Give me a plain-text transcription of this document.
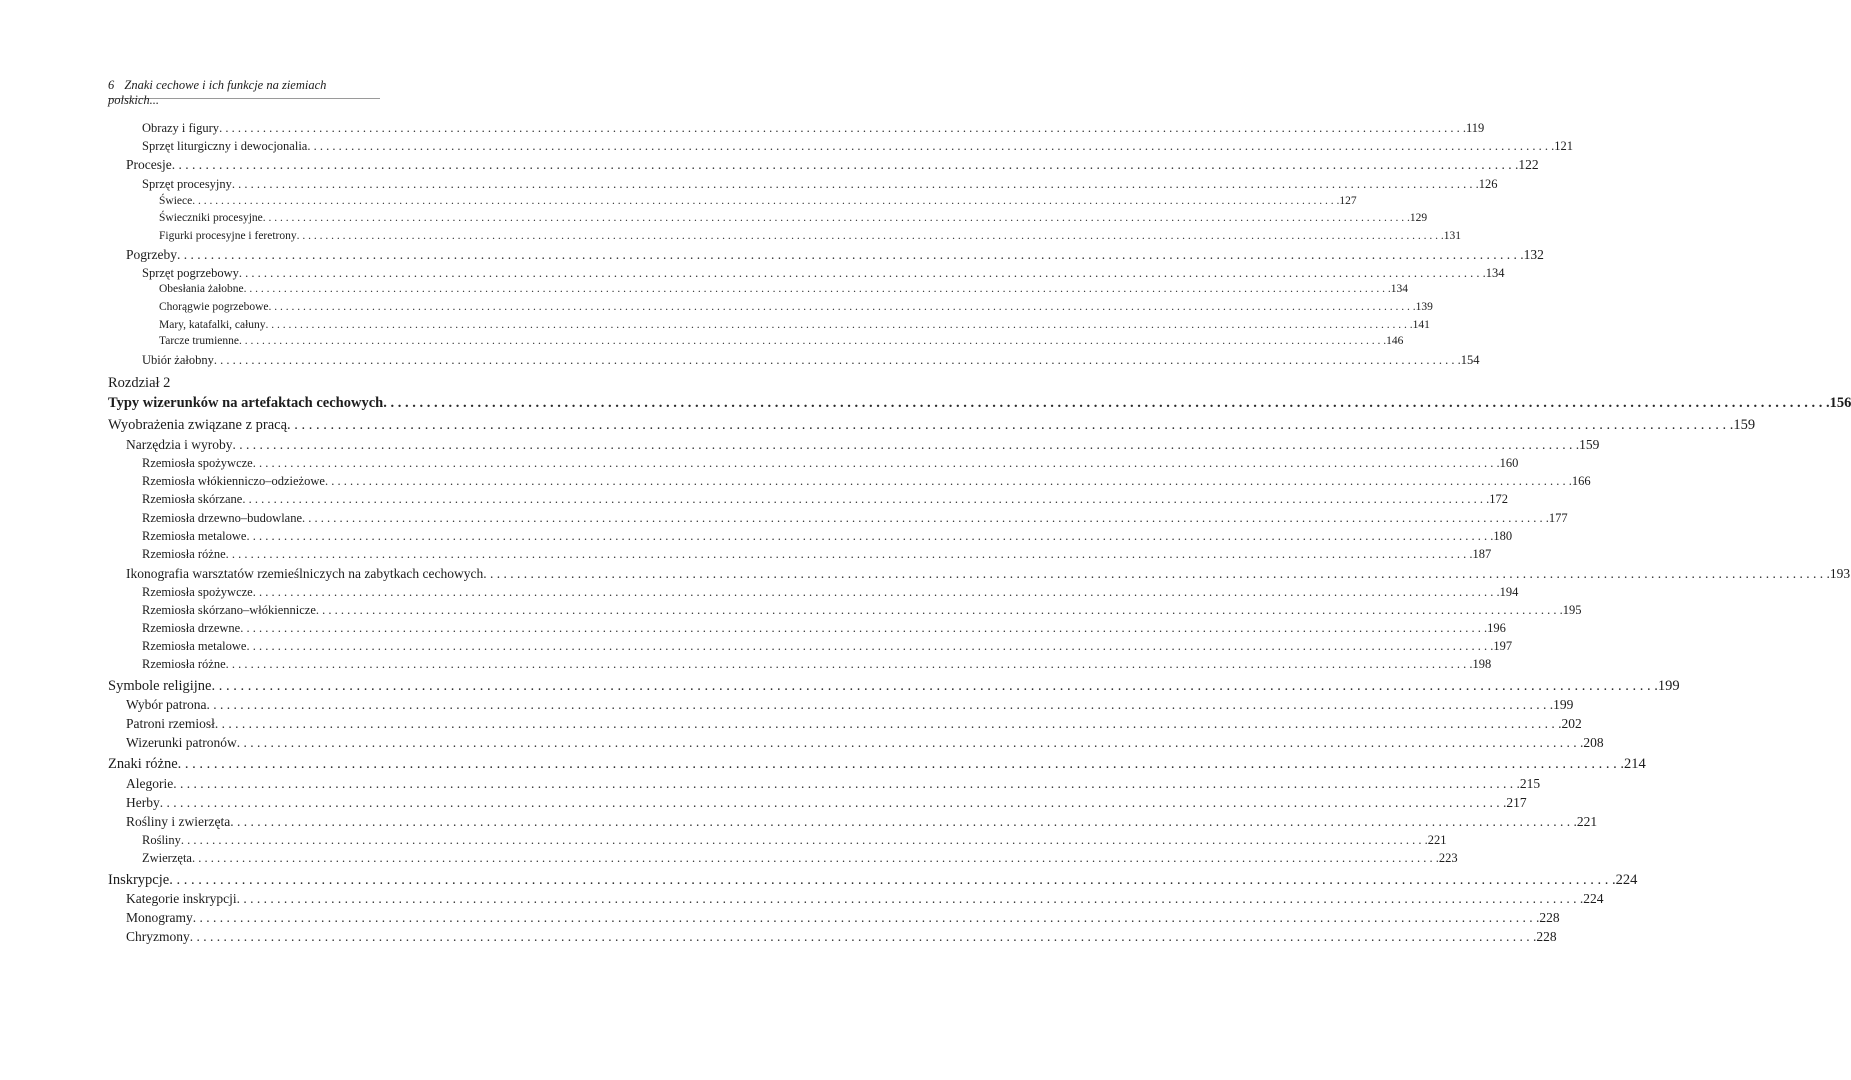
6 Znaki cechowe i ich funkcje na ziemiach polskich...
Rozdział 2
Obrazy i figury . . . . . . . . . . . . . . . . . . . . . . . . . . . . . . . . . . . . . . . . . . . . . . . . . . . . . . . . . . . . . . . . . . . . . . . . . . . . . . . . . . . . . . . . . . . . . . . . . . . . . . . . . . . . . . . . . . . . . . . . . . . . . . . . . . . . . . . . . . . . . . . . . . . . . . . . . . . . . . . . . . . . . . . . . . . . . . . . . . . . . . . . . . . . . . . . . . . . . . . . 119
Sprzęt liturgiczny i dewocjonalia . . . . . . . . . . . . . . . . . . . . . . . . . . . . . . . . . . . . . . . . . . . . . . . . . . . . . . . . . . . . . . . . . . . . . . . . . . . . . . . . . . . . . . . . . . . . . . . . . . . . . . . . . . . . . . . . . . . . . . . . . . . . . . . . . . . . . . . . . . . . . . . . . . . . . . . . . . . . . . . . . . . . . . . . . . . . . . . . . . . . . . . . . . . . . . . . . . . . . . . . 121
Procesje . . . . . . . . . . . . . . . . . . . . . . . . . . . . . . . . . . . . . . . . . . . . . . . . . . . . . . . . . . . . . . . . . . . . . . . . . . . . . . . . . . . . . . . . . . . . . . . . . . . . . . . . . . . . . . . . . . . . . . . . . . . . . . . . . . . . . . . . . . . . . . . . . . . . . . . . . . . . . . . . . . . . . . . . . . . . . . . . . . . . . . . . . . . . . . . . . . . . . . . . 122
Sprzęt procesyjny . . . . . . . . . . . . . . . . . . . . . . . . . . . . . . . . . . . . . . . . . . . . . . . . . . . . . . . . . . . . . . . . . . . . . . . . . . . . . . . . . . . . . . . . . . . . . . . . . . . . . . . . . . . . . . . . . . . . . . . . . . . . . . . . . . . . . . . . . . . . . . . . . . . . . . . . . . . . . . . . . . . . . . . . . . . . . . . . . . . . . . . . . . . . . . . . . . . . . . . . 126
Świece . . . . . . . . . . . . . . . . . . . . . . . . . . . . . . . . . . . . . . . . . . . . . . . . . . . . . . . . . . . . . . . . . . . . . . . . . . . . . . . . . . . . . . . . . . . . . . . . . . . . . . . . . . . . . . . . . . . . . . . . . . . . . . . . . . . . . . . . . . . . . . . . . . . . . . . . . . . . . . . . . . . . . . . . . . . . . . . . . . . . . . . . . . . . . . . . . . . . . . . . 127
Świeczniki procesyjne . . . . . . . . . . . . . . . . . . . . . . . . . . . . . . . . . . . . . . . . . . . . . . . . . . . . . . . . . . . . . . . . . . . . . . . . . . . . . . . . . . . . . . . . . . . . . . . . . . . . . . . . . . . . . . . . . . . . . . . . . . . . . . . . . . . . . . . . . . . . . . . . . . . . . . . . . . . . . . . . . . . . . . . . . . . . . . . . . . . . . . . . . . . . . . . . . . . . . . . . 129
Figurki procesyjne i feretrony . . . . . . . . . . . . . . . . . . . . . . . . . . . . . . . . . . . . . . . . . . . . . . . . . . . . . . . . . . . . . . . . . . . . . . . . . . . . . . . . . . . . . . . . . . . . . . . . . . . . . . . . . . . . . . . . . . . . . . . . . . . . . . . . . . . . . . . . . . . . . . . . . . . . . . . . . . . . . . . . . . . . . . . . . . . . . . . . . . . . . . . . . . . . . . . . . . . . . . . . 131
Pogrzeby . . . . . . . . . . . . . . . . . . . . . . . . . . . . . . . . . . . . . . . . . . . . . . . . . . . . . . . . . . . . . . . . . . . . . . . . . . . . . . . . . . . . . . . . . . . . . . . . . . . . . . . . . . . . . . . . . . . . . . . . . . . . . . . . . . . . . . . . . . . . . . . . . . . . . . . . . . . . . . . . . . . . . . . . . . . . . . . . . . . . . . . . . . . . . . . . . . . . . . . . 132
Sprzęt pogrzebowy . . . . . . . . . . . . . . . . . . . . . . . . . . . . . . . . . . . . . . . . . . . . . . . . . . . . . . . . . . . . . . . . . . . . . . . . . . . . . . . . . . . . . . . . . . . . . . . . . . . . . . . . . . . . . . . . . . . . . . . . . . . . . . . . . . . . . . . . . . . . . . . . . . . . . . . . . . . . . . . . . . . . . . . . . . . . . . . . . . . . . . . . . . . . . . . . . . . . . . . . 134
Obesłania żałobne . . . . . . . . . . . . . . . . . . . . . . . . . . . . . . . . . . . . . . . . . . . . . . . . . . . . . . . . . . . . . . . . . . . . . . . . . . . . . . . . . . . . . . . . . . . . . . . . . . . . . . . . . . . . . . . . . . . . . . . . . . . . . . . . . . . . . . . . . . . . . . . . . . . . . . . . . . . . . . . . . . . . . . . . . . . . . . . . . . . . . . . . . . . . . . . . . . . . . . . . 134
Chorągwie pogrzebowe . . . . . . . . . . . . . . . . . . . . . . . . . . . . . . . . . . . . . . . . . . . . . . . . . . . . . . . . . . . . . . . . . . . . . . . . . . . . . . . . . . . . . . . . . . . . . . . . . . . . . . . . . . . . . . . . . . . . . . . . . . . . . . . . . . . . . . . . . . . . . . . . . . . . . . . . . . . . . . . . . . . . . . . . . . . . . . . . . . . . . . . . . . . . . . . . . . . . . . . . 139
Mary, katafalki, całuny . . . . . . . . . . . . . . . . . . . . . . . . . . . . . . . . . . . . . . . . . . . . . . . . . . . . . . . . . . . . . . . . . . . . . . . . . . . . . . . . . . . . . . . . . . . . . . . . . . . . . . . . . . . . . . . . . . . . . . . . . . . . . . . . . . . . . . . . . . . . . . . . . . . . . . . . . . . . . . . . . . . . . . . . . . . . . . . . . . . . . . . . . . . . . . . . . . . . . . . . 141
Tarcze trumienne . . . . . . . . . . . . . . . . . . . . . . . . . . . . . . . . . . . . . . . . . . . . . . . . . . . . . . . . . . . . . . . . . . . . . . . . . . . . . . . . . . . . . . . . . . . . . . . . . . . . . . . . . . . . . . . . . . . . . . . . . . . . . . . . . . . . . . . . . . . . . . . . . . . . . . . . . . . . . . . . . . . . . . . . . . . . . . . . . . . . . . . . . . . . . . . . . . . . . . . . 146
Ubiór żałobny . . . . . . . . . . . . . . . . . . . . . . . . . . . . . . . . . . . . . . . . . . . . . . . . . . . . . . . . . . . . . . . . . . . . . . . . . . . . . . . . . . . . . . . . . . . . . . . . . . . . . . . . . . . . . . . . . . . . . . . . . . . . . . . . . . . . . . . . . . . . . . . . . . . . . . . . . . . . . . . . . . . . . . . . . . . . . . . . . . . . . . . . . . . . . . . . . . . . . . . . 154
Typy wizerunków na artefaktach cechowych . . . . . . . . . . . . . . . . . . . . . . . . . . . . . . . . . . . . . . . . . . . . . . . . . . . . . . . . . . . . . . . . . . . . . . . . . . . . . . . . . . . . . . . . . . . . . . . . . . . . . . . . . . . . . . . . . . . . . . . . . . . . . . . . . . . . . . . . . . . . . . . . . . . . . . . . . . . . . . . . . . . . . . . . . . . . . . . . . . . . . . . . . . . . . . . . . . . . . . . . 156
Wyobrażenia związane z pracą . . . . . . . . . . . . . . . . . . . . . . . . . . . . . . . . . . . . . . . . . . . . . . . . . . . . . . . . . . . . . . . . . . . . . . . . . . . . . . . . . . . . . . . . . . . . . . . . . . . . . . . . . . . . . . . . . . . . . . . . . . . . . . . . . . . . . . . . . . . . . . . . . . . . . . . . . . . . . . . . . . . . . . . . . . . . . . . . . . . . . . . . . . . . . . . . . . . . . . . . 159
Narzędzia i wyroby . . . . . . . . . . . . . . . . . . . . . . . . . . . . . . . . . . . . . . . . . . . . . . . . . . . . . . . . . . . . . . . . . . . . . . . . . . . . . . . . . . . . . . . . . . . . . . . . . . . . . . . . . . . . . . . . . . . . . . . . . . . . . . . . . . . . . . . . . . . . . . . . . . . . . . . . . . . . . . . . . . . . . . . . . . . . . . . . . . . . . . . . . . . . . . . . . . . . . . . . 159
Rzemiosła spożywcze . . . . . . . . . . . . . . . . . . . . . . . . . . . . . . . . . . . . . . . . . . . . . . . . . . . . . . . . . . . . . . . . . . . . . . . . . . . . . . . . . . . . . . . . . . . . . . . . . . . . . . . . . . . . . . . . . . . . . . . . . . . . . . . . . . . . . . . . . . . . . . . . . . . . . . . . . . . . . . . . . . . . . . . . . . . . . . . . . . . . . . . . . . . . . . . . . . . . . . . . 160
Rzemiosła włókienniczo–odzieżowe . . . . . . . . . . . . . . . . . . . . . . . . . . . . . . . . . . . . . . . . . . . . . . . . . . . . . . . . . . . . . . . . . . . . . . . . . . . . . . . . . . . . . . . . . . . . . . . . . . . . . . . . . . . . . . . . . . . . . . . . . . . . . . . . . . . . . . . . . . . . . . . . . . . . . . . . . . . . . . . . . . . . . . . . . . . . . . . . . . . . . . . . . . . . . . . . . . . . . . . . 166
Rzemiosła skórzane . . . . . . . . . . . . . . . . . . . . . . . . . . . . . . . . . . . . . . . . . . . . . . . . . . . . . . . . . . . . . . . . . . . . . . . . . . . . . . . . . . . . . . . . . . . . . . . . . . . . . . . . . . . . . . . . . . . . . . . . . . . . . . . . . . . . . . . . . . . . . . . . . . . . . . . . . . . . . . . . . . . . . . . . . . . . . . . . . . . . . . . . . . . . . . . . . . . . . . . . 172
Rzemiosła drzewno–budowlane . . . . . . . . . . . . . . . . . . . . . . . . . . . . . . . . . . . . . . . . . . . . . . . . . . . . . . . . . . . . . . . . . . . . . . . . . . . . . . . . . . . . . . . . . . . . . . . . . . . . . . . . . . . . . . . . . . . . . . . . . . . . . . . . . . . . . . . . . . . . . . . . . . . . . . . . . . . . . . . . . . . . . . . . . . . . . . . . . . . . . . . . . . . . . . . . . . . . . . . . 177
Rzemiosła metalowe . . . . . . . . . . . . . . . . . . . . . . . . . . . . . . . . . . . . . . . . . . . . . . . . . . . . . . . . . . . . . . . . . . . . . . . . . . . . . . . . . . . . . . . . . . . . . . . . . . . . . . . . . . . . . . . . . . . . . . . . . . . . . . . . . . . . . . . . . . . . . . . . . . . . . . . . . . . . . . . . . . . . . . . . . . . . . . . . . . . . . . . . . . . . . . . . . . . . . . . . 180
Rzemiosła różne . . . . . . . . . . . . . . . . . . . . . . . . . . . . . . . . . . . . . . . . . . . . . . . . . . . . . . . . . . . . . . . . . . . . . . . . . . . . . . . . . . . . . . . . . . . . . . . . . . . . . . . . . . . . . . . . . . . . . . . . . . . . . . . . . . . . . . . . . . . . . . . . . . . . . . . . . . . . . . . . . . . . . . . . . . . . . . . . . . . . . . . . . . . . . . . . . . . . . . . . 187
Ikonografia warsztatów rzemieślniczych na zabytkach cechowych . . . . . . . . . . . . . . . . . . . . . . . . . . . . . . . . . . . . . . . . . . . . . . . . . . . . . . . . . . . . . . . . . . . . . . . . . . . . . . . . . . . . . . . . . . . . . . . . . . . . . . . . . . . . . . . . . . . . . . . . . . . . . . . . . . . . . . . . . . . . . . . . . . . . . . . . . . . . . . . . . . . . . . . . . . . . . . . . . . . . . . . . . . . . . . . . . . . . . . . . 193
Rzemiosła spożywcze . . . . . . . . . . . . . . . . . . . . . . . . . . . . . . . . . . . . . . . . . . . . . . . . . . . . . . . . . . . . . . . . . . . . . . . . . . . . . . . . . . . . . . . . . . . . . . . . . . . . . . . . . . . . . . . . . . . . . . . . . . . . . . . . . . . . . . . . . . . . . . . . . . . . . . . . . . . . . . . . . . . . . . . . . . . . . . . . . . . . . . . . . . . . . . . . . . . . . . . . 194
Rzemiosła skórzano–włókiennicze . . . . . . . . . . . . . . . . . . . . . . . . . . . . . . . . . . . . . . . . . . . . . . . . . . . . . . . . . . . . . . . . . . . . . . . . . . . . . . . . . . . . . . . . . . . . . . . . . . . . . . . . . . . . . . . . . . . . . . . . . . . . . . . . . . . . . . . . . . . . . . . . . . . . . . . . . . . . . . . . . . . . . . . . . . . . . . . . . . . . . . . . . . . . . . . . . . . . . . . . 195
Rzemiosła drzewne . . . . . . . . . . . . . . . . . . . . . . . . . . . . . . . . . . . . . . . . . . . . . . . . . . . . . . . . . . . . . . . . . . . . . . . . . . . . . . . . . . . . . . . . . . . . . . . . . . . . . . . . . . . . . . . . . . . . . . . . . . . . . . . . . . . . . . . . . . . . . . . . . . . . . . . . . . . . . . . . . . . . . . . . . . . . . . . . . . . . . . . . . . . . . . . . . . . . . . . . 196
Rzemiosła metalowe . . . . . . . . . . . . . . . . . . . . . . . . . . . . . . . . . . . . . . . . . . . . . . . . . . . . . . . . . . . . . . . . . . . . . . . . . . . . . . . . . . . . . . . . . . . . . . . . . . . . . . . . . . . . . . . . . . . . . . . . . . . . . . . . . . . . . . . . . . . . . . . . . . . . . . . . . . . . . . . . . . . . . . . . . . . . . . . . . . . . . . . . . . . . . . . . . . . . . . . . 197
Rzemiosła różne . . . . . . . . . . . . . . . . . . . . . . . . . . . . . . . . . . . . . . . . . . . . . . . . . . . . . . . . . . . . . . . . . . . . . . . . . . . . . . . . . . . . . . . . . . . . . . . . . . . . . . . . . . . . . . . . . . . . . . . . . . . . . . . . . . . . . . . . . . . . . . . . . . . . . . . . . . . . . . . . . . . . . . . . . . . . . . . . . . . . . . . . . . . . . . . . . . . . . . . . 198
Symbole religijne . . . . . . . . . . . . . . . . . . . . . . . . . . . . . . . . . . . . . . . . . . . . . . . . . . . . . . . . . . . . . . . . . . . . . . . . . . . . . . . . . . . . . . . . . . . . . . . . . . . . . . . . . . . . . . . . . . . . . . . . . . . . . . . . . . . . . . . . . . . . . . . . . . . . . . . . . . . . . . . . . . . . . . . . . . . . . . . . . . . . . . . . . . . . . . . . . . . . . . . . 199
Wybór patrona . . . . . . . . . . . . . . . . . . . . . . . . . . . . . . . . . . . . . . . . . . . . . . . . . . . . . . . . . . . . . . . . . . . . . . . . . . . . . . . . . . . . . . . . . . . . . . . . . . . . . . . . . . . . . . . . . . . . . . . . . . . . . . . . . . . . . . . . . . . . . . . . . . . . . . . . . . . . . . . . . . . . . . . . . . . . . . . . . . . . . . . . . . . . . . . . . . . . . . . . 199
Patroni rzemiosł . . . . . . . . . . . . . . . . . . . . . . . . . . . . . . . . . . . . . . . . . . . . . . . . . . . . . . . . . . . . . . . . . . . . . . . . . . . . . . . . . . . . . . . . . . . . . . . . . . . . . . . . . . . . . . . . . . . . . . . . . . . . . . . . . . . . . . . . . . . . . . . . . . . . . . . . . . . . . . . . . . . . . . . . . . . . . . . . . . . . . . . . . . . . . . . . . . . . . . . . 202
Wizerunki patronów . . . . . . . . . . . . . . . . . . . . . . . . . . . . . . . . . . . . . . . . . . . . . . . . . . . . . . . . . . . . . . . . . . . . . . . . . . . . . . . . . . . . . . . . . . . . . . . . . . . . . . . . . . . . . . . . . . . . . . . . . . . . . . . . . . . . . . . . . . . . . . . . . . . . . . . . . . . . . . . . . . . . . . . . . . . . . . . . . . . . . . . . . . . . . . . . . . . . . . . . 208
Znaki różne . . . . . . . . . . . . . . . . . . . . . . . . . . . . . . . . . . . . . . . . . . . . . . . . . . . . . . . . . . . . . . . . . . . . . . . . . . . . . . . . . . . . . . . . . . . . . . . . . . . . . . . . . . . . . . . . . . . . . . . . . . . . . . . . . . . . . . . . . . . . . . . . . . . . . . . . . . . . . . . . . . . . . . . . . . . . . . . . . . . . . . . . . . . . . . . . . . . . . . . . 214
Alegorie . . . . . . . . . . . . . . . . . . . . . . . . . . . . . . . . . . . . . . . . . . . . . . . . . . . . . . . . . . . . . . . . . . . . . . . . . . . . . . . . . . . . . . . . . . . . . . . . . . . . . . . . . . . . . . . . . . . . . . . . . . . . . . . . . . . . . . . . . . . . . . . . . . . . . . . . . . . . . . . . . . . . . . . . . . . . . . . . . . . . . . . . . . . . . . . . . . . . . . . . 215
Herby . . . . . . . . . . . . . . . . . . . . . . . . . . . . . . . . . . . . . . . . . . . . . . . . . . . . . . . . . . . . . . . . . . . . . . . . . . . . . . . . . . . . . . . . . . . . . . . . . . . . . . . . . . . . . . . . . . . . . . . . . . . . . . . . . . . . . . . . . . . . . . . . . . . . . . . . . . . . . . . . . . . . . . . . . . . . . . . . . . . . . . . . . . . . . . . . . . . . . . . . 217
Rośliny i zwierzęta . . . . . . . . . . . . . . . . . . . . . . . . . . . . . . . . . . . . . . . . . . . . . . . . . . . . . . . . . . . . . . . . . . . . . . . . . . . . . . . . . . . . . . . . . . . . . . . . . . . . . . . . . . . . . . . . . . . . . . . . . . . . . . . . . . . . . . . . . . . . . . . . . . . . . . . . . . . . . . . . . . . . . . . . . . . . . . . . . . . . . . . . . . . . . . . . . . . . . . . . 221
Rośliny . . . . . . . . . . . . . . . . . . . . . . . . . . . . . . . . . . . . . . . . . . . . . . . . . . . . . . . . . . . . . . . . . . . . . . . . . . . . . . . . . . . . . . . . . . . . . . . . . . . . . . . . . . . . . . . . . . . . . . . . . . . . . . . . . . . . . . . . . . . . . . . . . . . . . . . . . . . . . . . . . . . . . . . . . . . . . . . . . . . . . . . . . . . . . . . . . . . . . . . . 221
Zwierzęta . . . . . . . . . . . . . . . . . . . . . . . . . . . . . . . . . . . . . . . . . . . . . . . . . . . . . . . . . . . . . . . . . . . . . . . . . . . . . . . . . . . . . . . . . . . . . . . . . . . . . . . . . . . . . . . . . . . . . . . . . . . . . . . . . . . . . . . . . . . . . . . . . . . . . . . . . . . . . . . . . . . . . . . . . . . . . . . . . . . . . . . . . . . . . . . . . . . . . . . . 223
Inskrypcje . . . . . . . . . . . . . . . . . . . . . . . . . . . . . . . . . . . . . . . . . . . . . . . . . . . . . . . . . . . . . . . . . . . . . . . . . . . . . . . . . . . . . . . . . . . . . . . . . . . . . . . . . . . . . . . . . . . . . . . . . . . . . . . . . . . . . . . . . . . . . . . . . . . . . . . . . . . . . . . . . . . . . . . . . . . . . . . . . . . . . . . . . . . . . . . . . . . . . . . . 224
Kategorie inskrypcji . . . . . . . . . . . . . . . . . . . . . . . . . . . . . . . . . . . . . . . . . . . . . . . . . . . . . . . . . . . . . . . . . . . . . . . . . . . . . . . . . . . . . . . . . . . . . . . . . . . . . . . . . . . . . . . . . . . . . . . . . . . . . . . . . . . . . . . . . . . . . . . . . . . . . . . . . . . . . . . . . . . . . . . . . . . . . . . . . . . . . . . . . . . . . . . . . . . . . . . . 224
Monogramy . . . . . . . . . . . . . . . . . . . . . . . . . . . . . . . . . . . . . . . . . . . . . . . . . . . . . . . . . . . . . . . . . . . . . . . . . . . . . . . . . . . . . . . . . . . . . . . . . . . . . . . . . . . . . . . . . . . . . . . . . . . . . . . . . . . . . . . . . . . . . . . . . . . . . . . . . . . . . . . . . . . . . . . . . . . . . . . . . . . . . . . . . . . . . . . . . . . . . . . . 228
Chryzmony . . . . . . . . . . . . . . . . . . . . . . . . . . . . . . . . . . . . . . . . . . . . . . . . . . . . . . . . . . . . . . . . . . . . . . . . . . . . . . . . . . . . . . . . . . . . . . . . . . . . . . . . . . . . . . . . . . . . . . . . . . . . . . . . . . . . . . . . . . . . . . . . . . . . . . . . . . . . . . . . . . . . . . . . . . . . . . . . . . . . . . . . . . . . . . . . . . . . . . . . 228
